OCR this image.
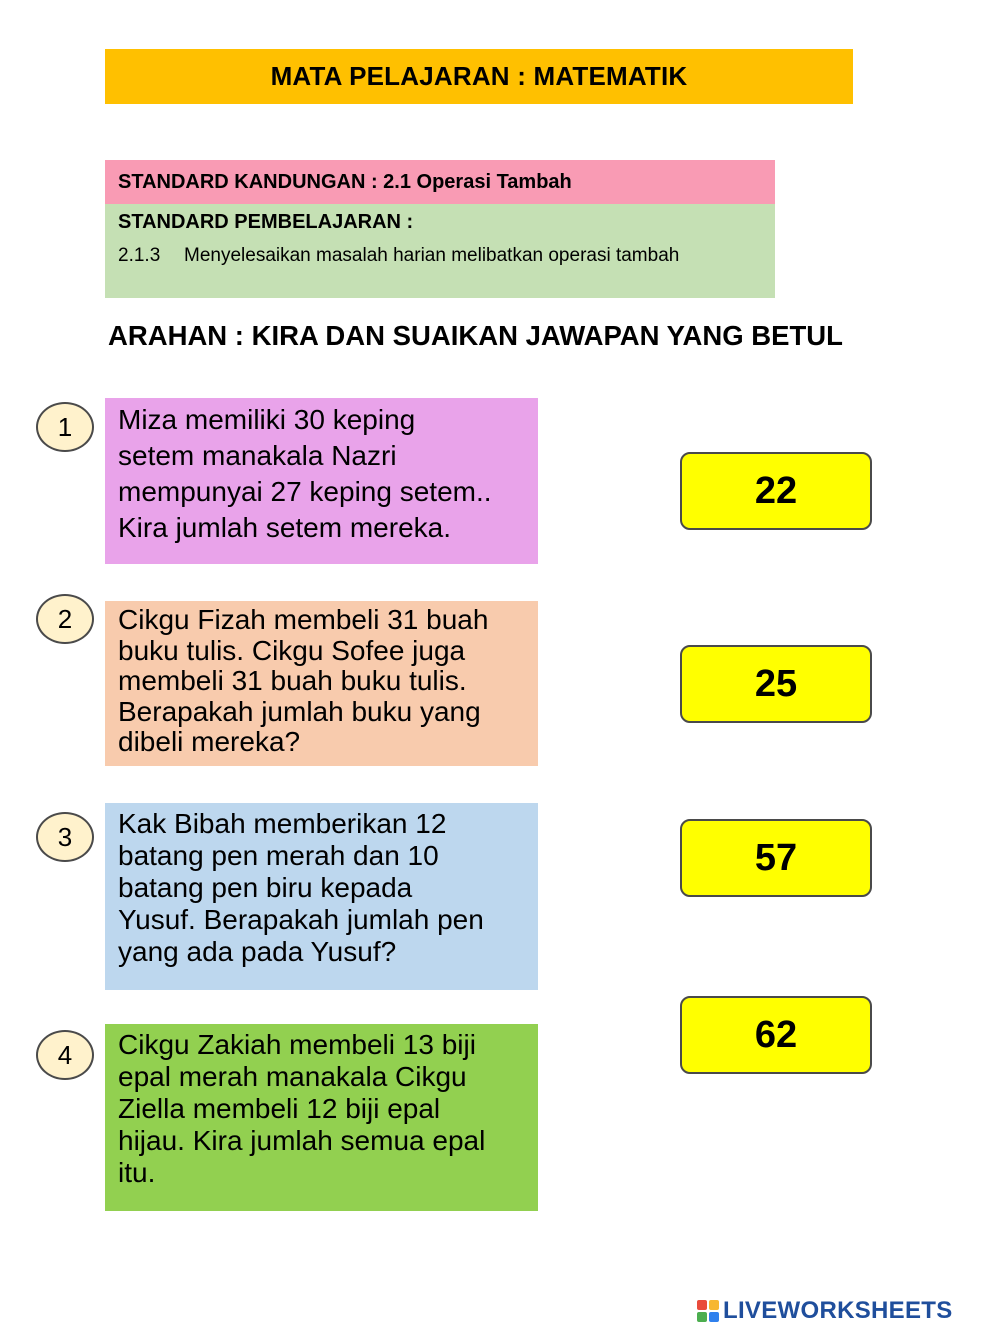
MATA PELAJARAN : MATEMATIK
STANDARD KANDUNGAN : 2.1 Operasi Tambah
STANDARD PEMBELAJARAN :
2.1.3 Menyelesaikan masalah harian melibatkan operasi tambah
ARAHAN : KIRA DAN SUAIKAN JAWAPAN YANG BETUL
1 Miza memiliki 30 keping
setem manakala Nazri
mempunyai 27 keping setem..
Kira jumlah setem mereka.
2 Cikgu Fizah membeli 31 buah
buku tulis. Cikgu Sofee juga
membeli 31 buah buku tulis.
Berapakah jumlah buku yang
dibeli mereka?
3 Kak Bibah memberikan 12
batang pen merah dan 10
batang pen biru kepada
Yusuf. Berapakah jumlah pen
yang ada pada Yusuf?
4 Cikgu Zakiah membeli 13 biji
epal merah manakala Cikgu
Ziella membeli 12 biji epal
hijau. Kira jumlah semua epal
itu.
22
25
57
62
LIVEWORKSHEETS
